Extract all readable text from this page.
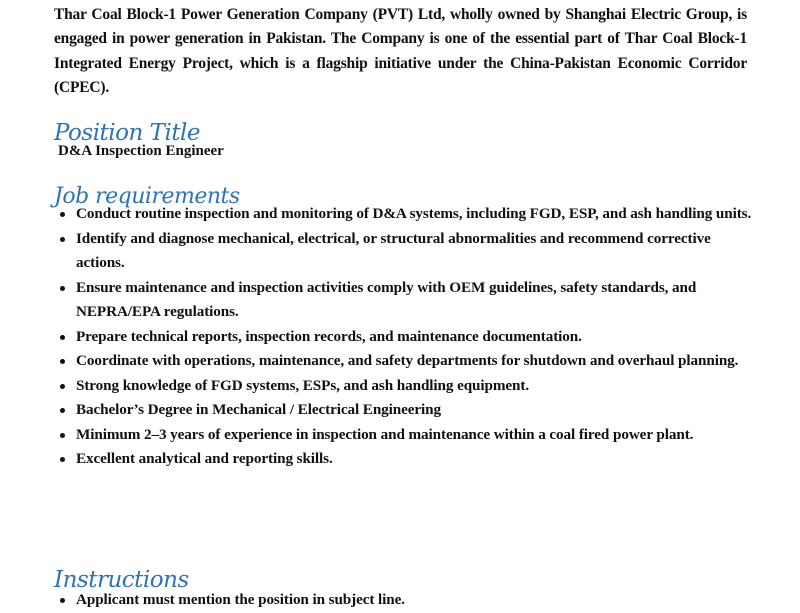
Thar Coal Block-1 Power Generation Company (PVT) Ltd, wholly owned by Shanghai Electric Group, is engaged in power generation in Pakistan. The Company is one of the essential part of Thar Coal Block-1 Integrated Energy Project, which is a flagship initiative under the China-Pakistan Economic Corridor (CPEC).

Position Title
D&A Inspection Engineer
Job requirements
Conduct routine inspection and monitoring of D&A systems, including FGD, ESP, and ash handling units.
Identify and diagnose mechanical, electrical, or structural abnormalities and recommend corrective actions.
Ensure maintenance and inspection activities comply with OEM guidelines, safety standards, and NEPRA/EPA regulations.
Prepare technical reports, inspection records, and maintenance documentation.
Coordinate with operations, maintenance, and safety departments for shutdown and overhaul planning.
Strong knowledge of FGD systems, ESPs, and ash handling equipment.
Bachelor’s Degree in Mechanical / Electrical Engineering
Minimum 2–3 years of experience in inspection and maintenance within a coal fired power plant.
Excellent analytical and reporting skills.
Instructions
Applicant must mention the position in subject line.
